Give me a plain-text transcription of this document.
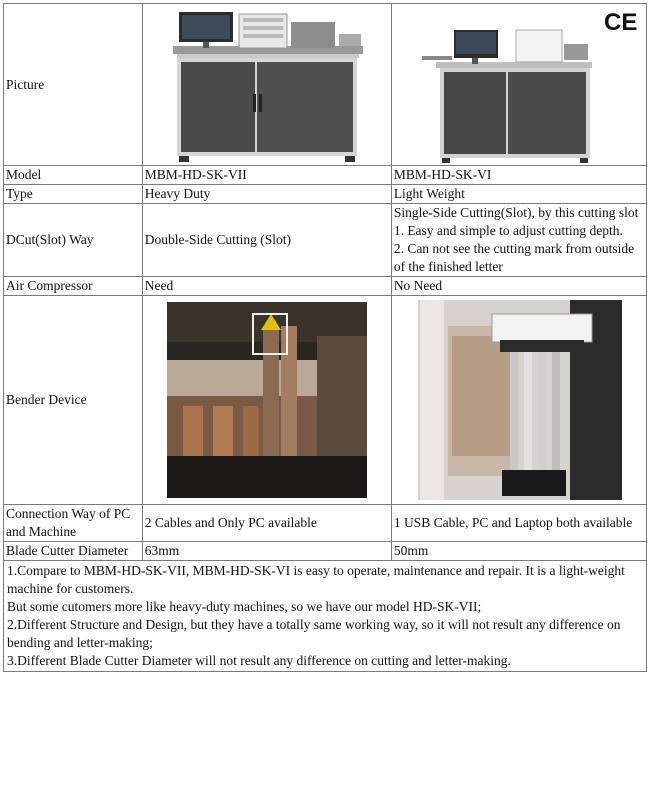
Picture		CE

Model	MBM-HD-SK-VII	MBM-HD-SK-VI
Type	Heavy Duty	Light Weight
DCut(Slot) Way	Double-Side Cutting (Slot)	Single-Side Cutting(Slot), by this cutting slot
1. Easy and simple to adjust cutting depth.
2. Can not see the cutting mark from outside of the finished letter

Air Compressor	Need	No Need
Bender Device	

Connection Way of PC and Machine	2 Cables and Only PC available	1 USB Cable, PC and Laptop both available
Blade Cutter Diameter	63mm	50mm

1.Compare to MBM-HD-SK-VII, MBM-HD-SK-VI is easy to operate, maintenance and repair. It is a light-weight machine for customers.

But some cutomers more like heavy-duty machines, so we have our model HD-SK-VII;

2.Different Structure and Design, but they have a totally same working way, so it will not result any difference on bending and letter-making;

3.Different Blade Cutter Diameter will not result any difference on cutting and letter-making.		
